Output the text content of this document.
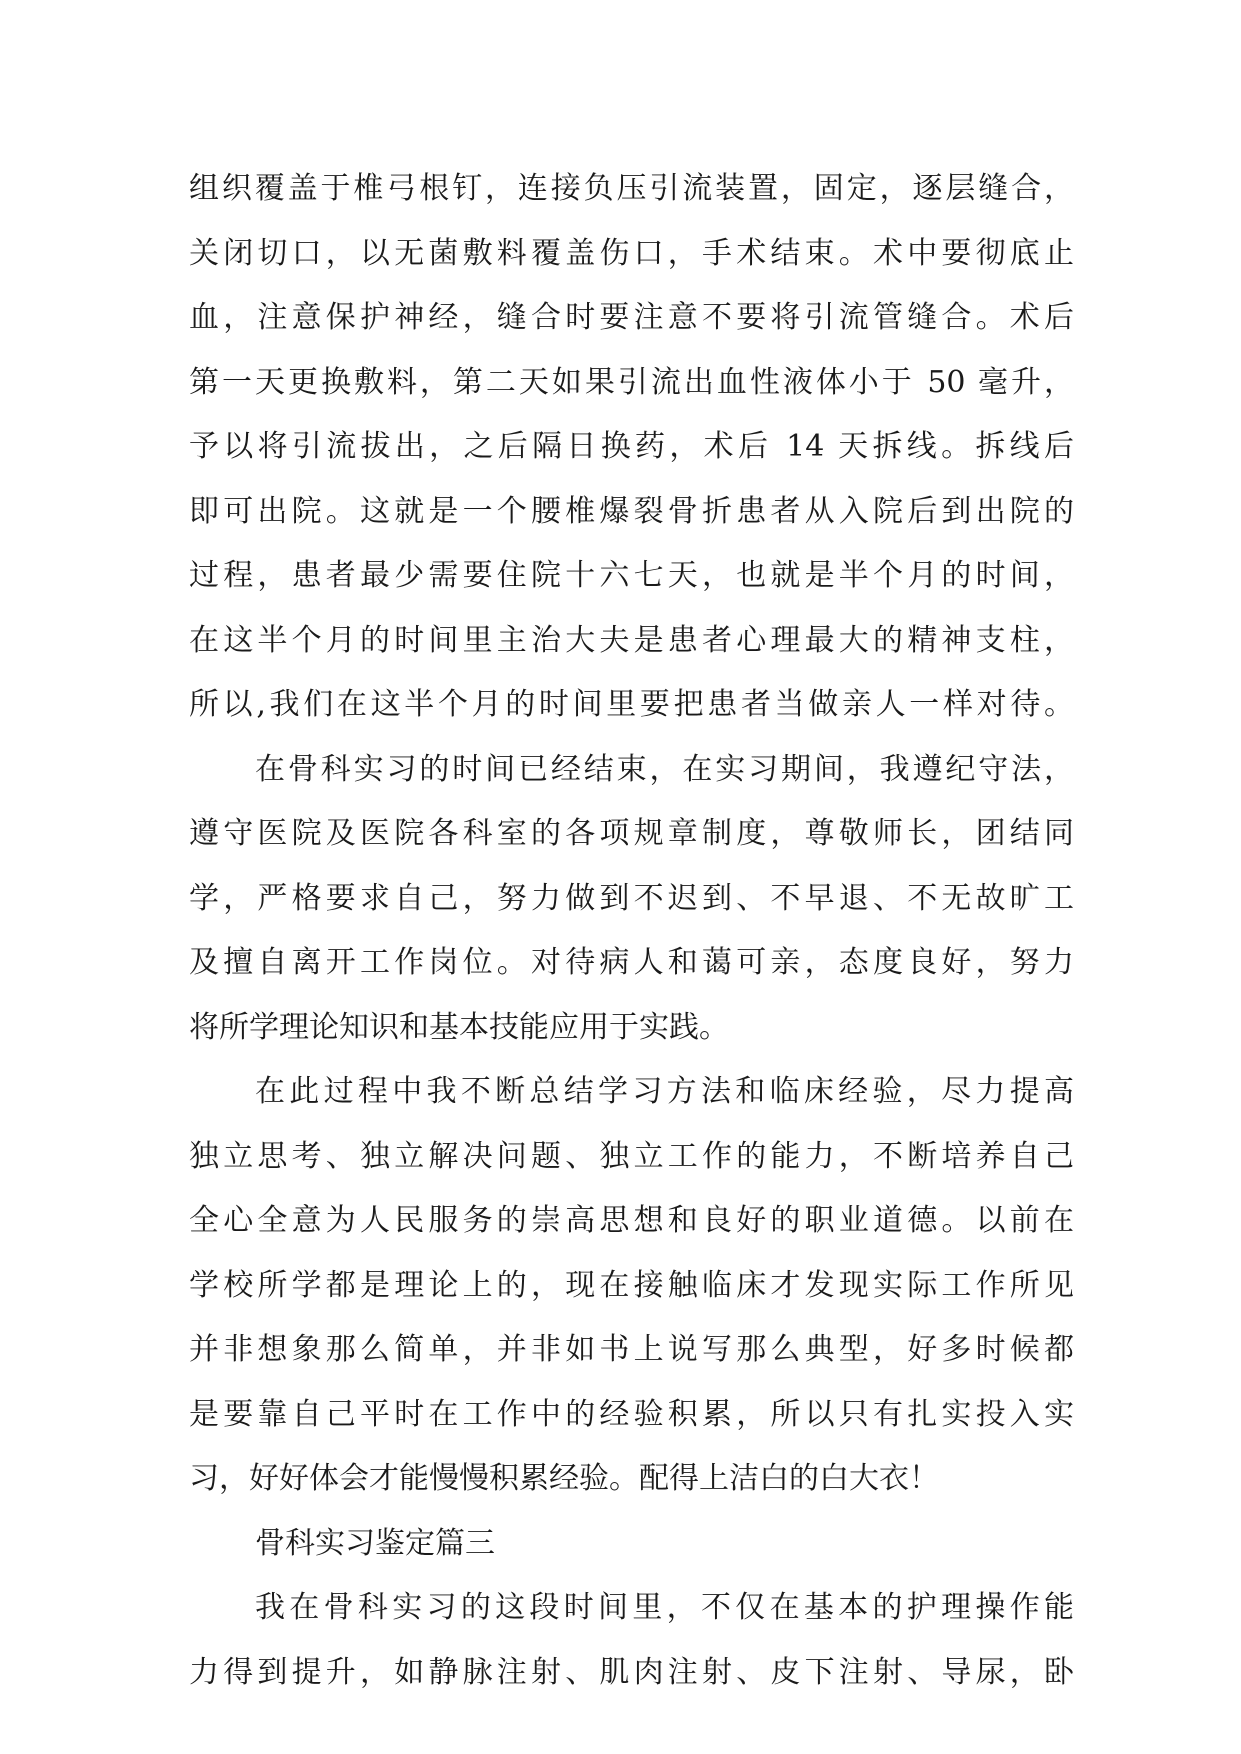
组织覆盖于椎弓根钉，连接负压引流装置，固定，逐层缝合，
关闭切口，以无菌敷料覆盖伤口，手术结束。术中要彻底止
血，注意保护神经，缝合时要注意不要将引流管缝合。术后
第一天更换敷料，第二天如果引流出血性液体小于 50 毫升，
予以将引流拔出，之后隔日换药，术后 14 天拆线。拆线后
即可出院。这就是一个腰椎爆裂骨折患者从入院后到出院的
过程，患者最少需要住院十六七天，也就是半个月的时间，
在这半个月的时间里主治大夫是患者心理最大的精神支柱，
所以,我们在这半个月的时间里要把患者当做亲人一样对待。
在骨科实习的时间已经结束，在实习期间，我遵纪守法，
遵守医院及医院各科室的各项规章制度，尊敬师长，团结同
学，严格要求自己，努力做到不迟到、不早退、不无故旷工
及擅自离开工作岗位。对待病人和蔼可亲，态度良好，努力
将所学理论知识和基本技能应用于实践。
在此过程中我不断总结学习方法和临床经验，尽力提高
独立思考、独立解决问题、独立工作的能力，不断培养自己
全心全意为人民服务的崇高思想和良好的职业道德。以前在
学校所学都是理论上的，现在接触临床才发现实际工作所见
并非想象那么简单，并非如书上说写那么典型，好多时候都
是要靠自己平时在工作中的经验积累，所以只有扎实投入实
习，好好体会才能慢慢积累经验。配得上洁白的白大衣！
骨科实习鉴定篇三
我在骨科实习的这段时间里，不仅在基本的护理操作能
力得到提升，如静脉注射、肌肉注射、皮下注射、导尿，卧
